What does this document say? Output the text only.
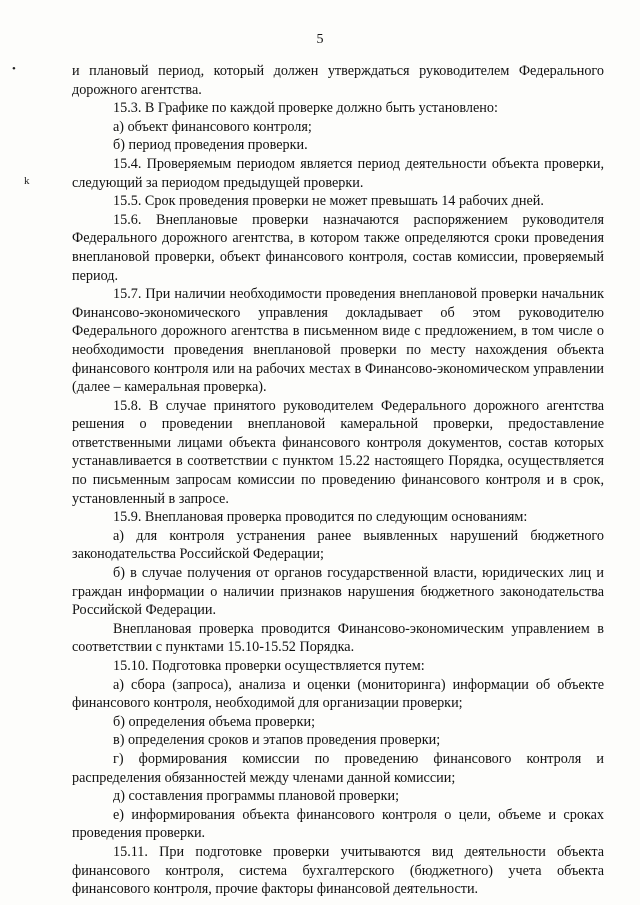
5
•
k

и плановый период, который должен утверждаться руководителем Федерального дорожного агентства.

15.3. В Графике по каждой проверке должно быть установлено:

а) объект финансового контроля;

б) период проведения проверки.

15.4. Проверяемым периодом является период деятельности объекта проверки, следующий за периодом предыдущей проверки.

15.5. Срок проведения проверки не может превышать 14 рабочих дней.

15.6. Внеплановые проверки назначаются распоряжением руководителя Федерального дорожного агентства, в котором также определяются сроки проведения внеплановой проверки, объект финансового контроля, состав комиссии, проверяемый период.

15.7. При наличии необходимости проведения внеплановой проверки начальник Финансово-экономического управления докладывает об этом руководителю Федерального дорожного агентства в письменном виде с предложением, в том числе о необходимости проведения внеплановой проверки по месту нахождения объекта финансового контроля или на рабочих местах в Финансово-экономическом управлении (далее – камеральная проверка).

15.8. В случае принятого руководителем Федерального дорожного агентства решения о проведении внеплановой камеральной проверки, предоставление ответственными лицами объекта финансового контроля документов, состав которых устанавливается в соответствии с пунктом 15.22 настоящего Порядка, осуществляется по письменным запросам комиссии по проведению финансового контроля и в срок, установленный в запросе.

15.9. Внеплановая проверка проводится по следующим основаниям:

а) для контроля устранения ранее выявленных нарушений бюджетного законодательства Российской Федерации;

б) в случае получения от органов государственной власти, юридических лиц и граждан информации о наличии признаков нарушения бюджетного законодательства Российской Федерации.

Внеплановая проверка проводится Финансово-экономическим управлением в соответствии с пунктами 15.10-15.52 Порядка.

15.10. Подготовка проверки осуществляется путем:

а) сбора (запроса), анализа и оценки (мониторинга) информации об объекте финансового контроля, необходимой для организации проверки;

б) определения объема проверки;

в) определения сроков и этапов проведения проверки;

г) формирования комиссии по проведению финансового контроля и распределения обязанностей между членами данной комиссии;

д) составления программы плановой проверки;

е) информирования объекта финансового контроля о цели, объеме и сроках проведения проверки.

15.11. При подготовке проверки учитываются вид деятельности объекта финансового контроля, система бухгалтерского (бюджетного) учета объекта финансового контроля, прочие факторы финансовой деятельности.
